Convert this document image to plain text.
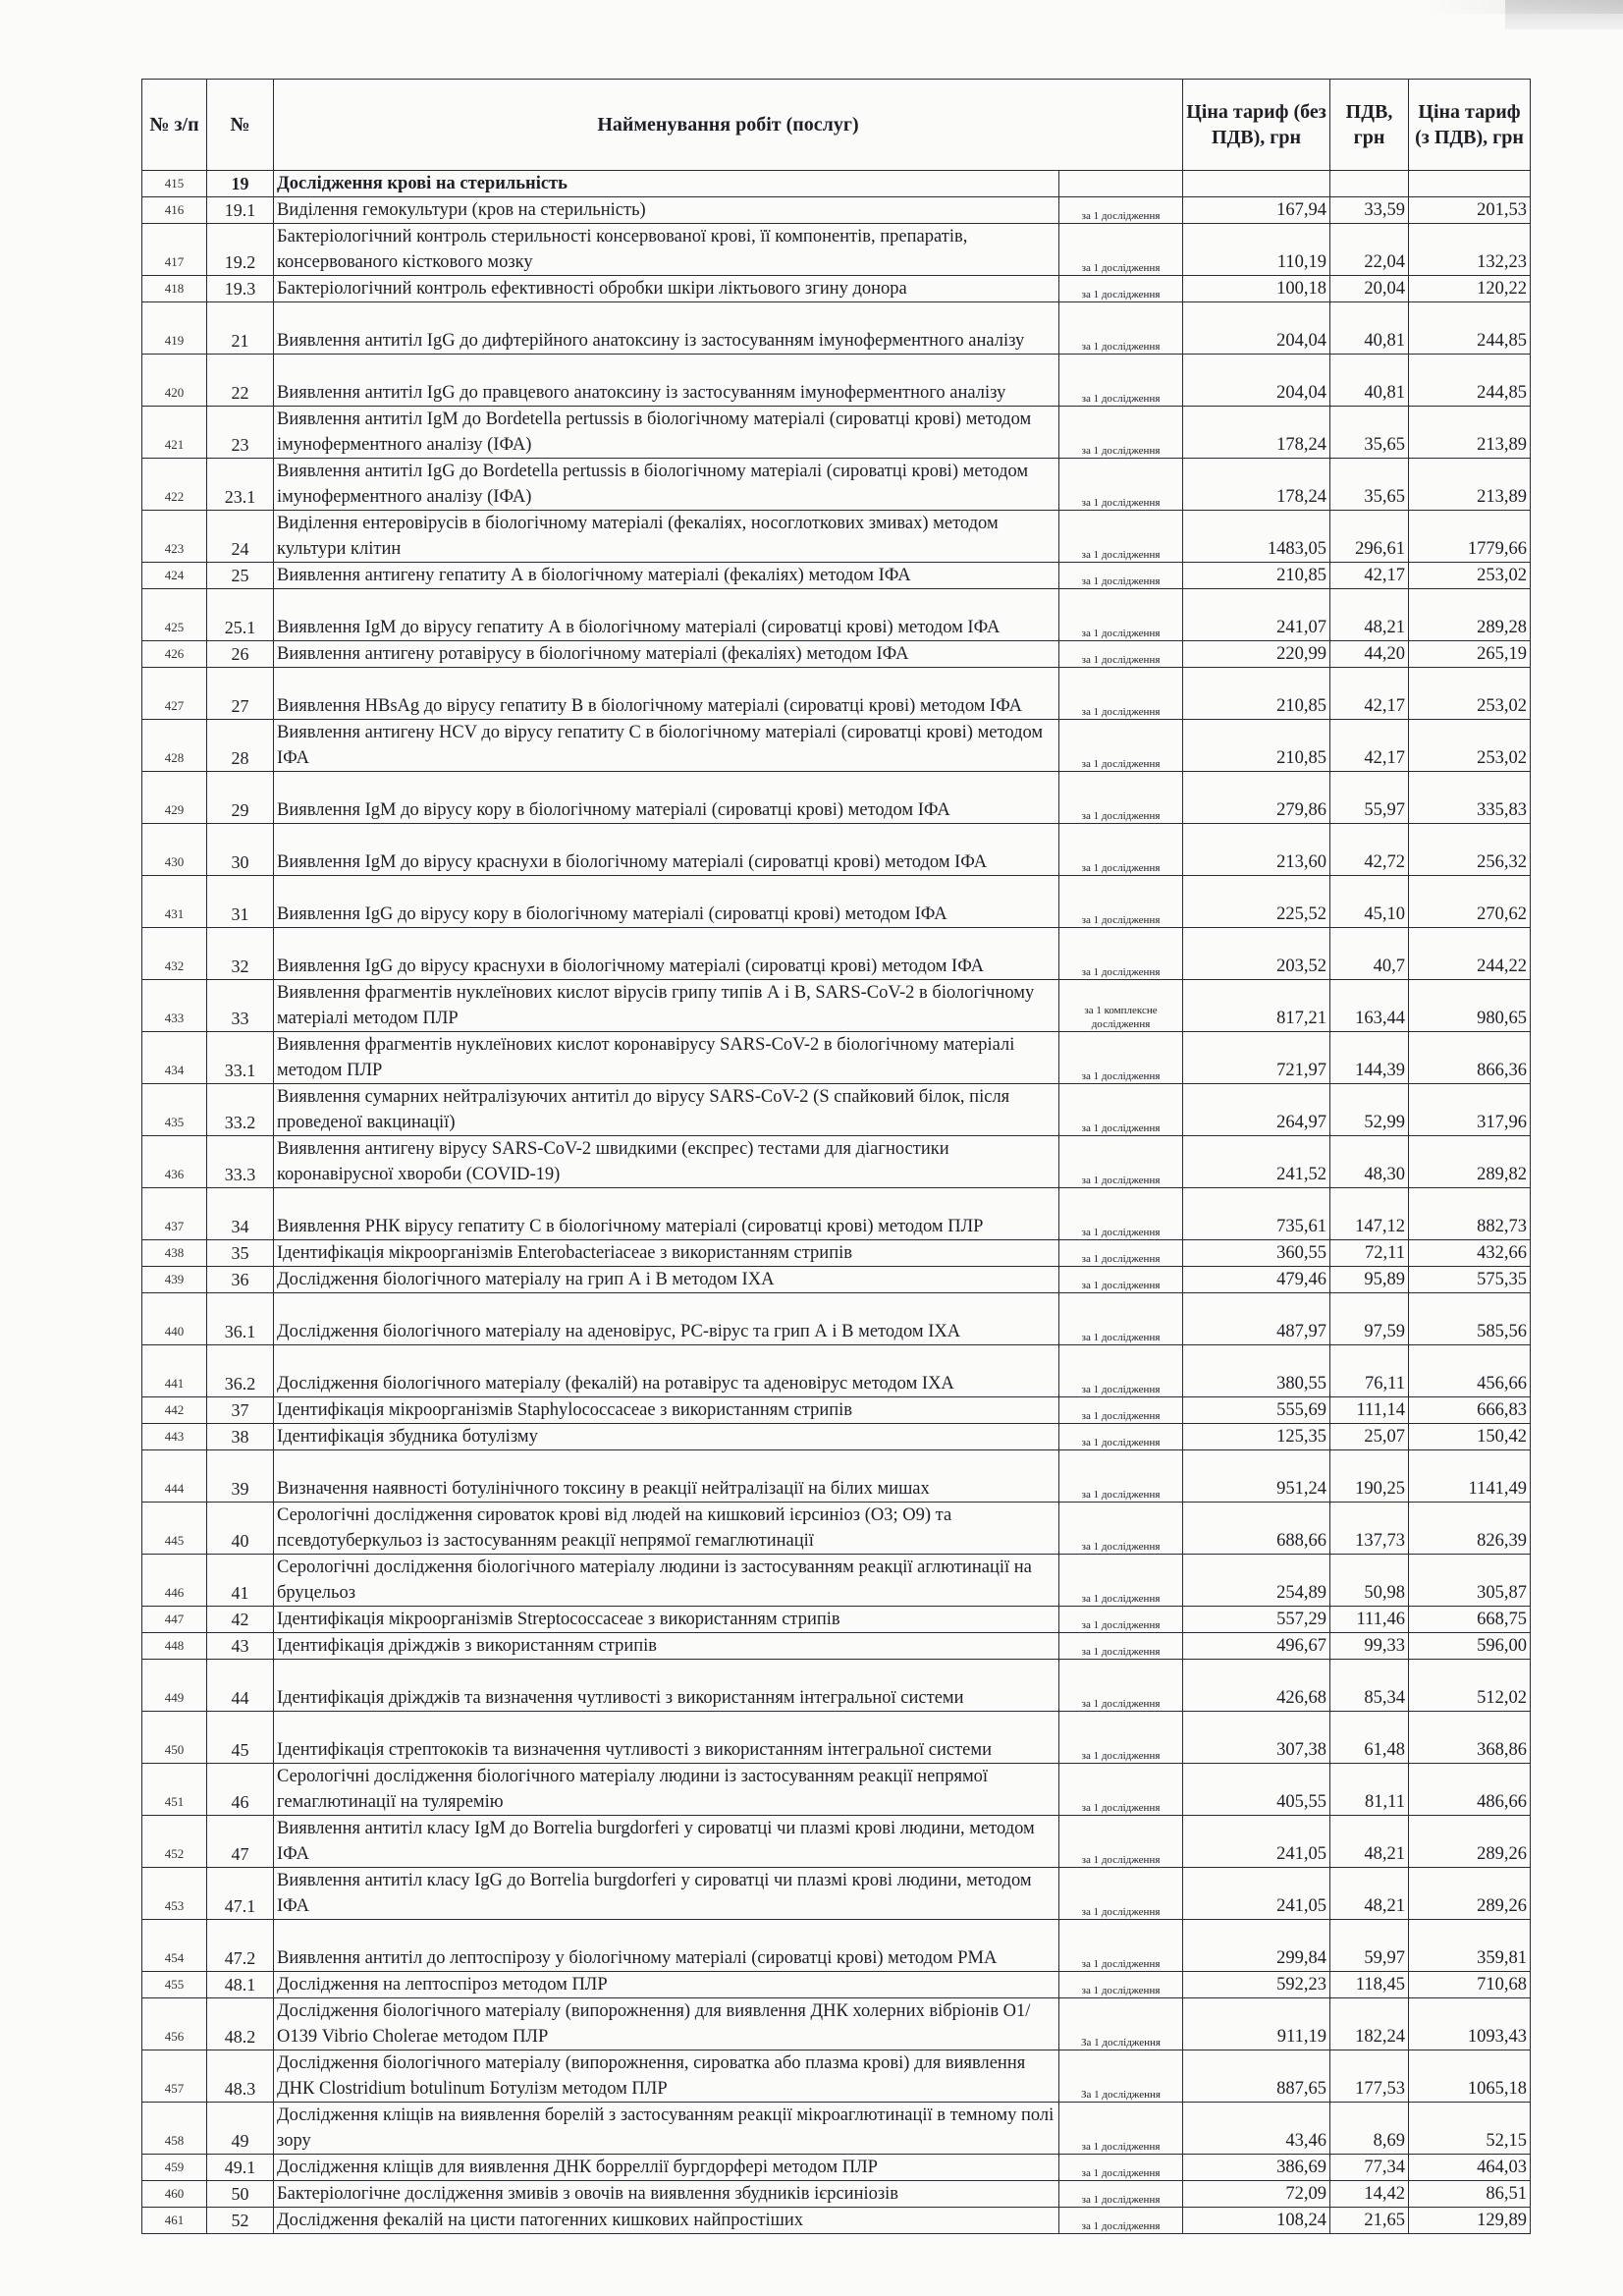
№ з/п	№	Найменування робіт (послуг)		Ціна тариф (без ПДВ), грн	ПДВ, грн	Ціна тариф (з ПДВ), грн
415	19	Дослідження крові на стерильність				
416	19.1	Виділення гемокультури (кров на стерильність)	за 1 дослідження	167,94	33,59	201,53
417	19.2	Бактеріологічний контроль стерильності консервованої крові, її компонентів, препаратів, консервованого кісткового мозку	за 1 дослідження	110,19	22,04	132,23
418	19.3	Бактеріологічний контроль ефективності обробки шкіри ліктьового згину донора	за 1 дослідження	100,18	20,04	120,22
419	21	Виявлення антитіл IgG до дифтерійного анатоксину із застосуванням імуноферментного аналізу	за 1 дослідження	204,04	40,81	244,85
420	22	Виявлення антитіл IgG до правцевого анатоксину із застосуванням імуноферментного аналізу	за 1 дослідження	204,04	40,81	244,85
421	23	Виявлення антитіл IgM до Bordetella pertussis в біологічному матеріалі (сироватці крові) методом імуноферментного аналізу (ІФА)	за 1 дослідження	178,24	35,65	213,89
422	23.1	Виявлення антитіл IgG до Bordetella pertussis в біологічному матеріалі (сироватці крові) методом імуноферментного аналізу (ІФА)	за 1 дослідження	178,24	35,65	213,89
423	24	Виділення ентеровірусів в біологічному матеріалі (фекаліях, носоглоткових змивах) методом культури клітин	за 1 дослідження	1483,05	296,61	1779,66
424	25	Виявлення антигену гепатиту А в біологічному матеріалі (фекаліях) методом ІФА	за 1 дослідження	210,85	42,17	253,02
425	25.1	Виявлення IgM до вірусу гепатиту А в біологічному матеріалі (сироватці крові) методом ІФА	за 1 дослідження	241,07	48,21	289,28
426	26	Виявлення антигену ротавірусу в біологічному матеріалі (фекаліях) методом ІФА	за 1 дослідження	220,99	44,20	265,19
427	27	Виявлення HBsAg до вірусу гепатиту В в біологічному матеріалі (сироватці крові) методом ІФА	за 1 дослідження	210,85	42,17	253,02
428	28	Виявлення антигену HCV до вірусу гепатиту С в біологічному матеріалі (сироватці крові) методом ІФА	за 1 дослідження	210,85	42,17	253,02
429	29	Виявлення IgM до вірусу кору в біологічному матеріалі (сироватці крові) методом ІФА	за 1 дослідження	279,86	55,97	335,83
430	30	Виявлення IgM до вірусу краснухи в біологічному матеріалі (сироватці крові) методом ІФА	за 1 дослідження	213,60	42,72	256,32
431	31	Виявлення IgG до вірусу кору в біологічному матеріалі (сироватці крові) методом ІФА	за 1 дослідження	225,52	45,10	270,62
432	32	Виявлення IgG до вірусу краснухи в біологічному матеріалі (сироватці крові) методом ІФА	за 1 дослідження	203,52	40,7	244,22
433	33	Виявлення фрагментів нуклеїнових кислот вірусів грипу типів А і В, SARS-CoV-2 в біологічному матеріалі методом ПЛР	за 1 комплексне дослідження	817,21	163,44	980,65
434	33.1	Виявлення фрагментів нуклеїнових кислот коронавірусу SARS-CoV-2 в біологічному матеріалі методом ПЛР	за 1 дослідження	721,97	144,39	866,36
435	33.2	Виявлення сумарних нейтралізуючих антитіл до вірусу SARS-CoV-2 (S спайковий білок, після проведеної вакцинації)	за 1 дослідження	264,97	52,99	317,96
436	33.3	Виявлення антигену вірусу SARS-CoV-2 швидкими (експрес) тестами для діагностики коронавірусної хвороби (COVID-19)	за 1 дослідження	241,52	48,30	289,82
437	34	Виявлення РНК вірусу гепатиту С в біологічному матеріалі (сироватці крові) методом ПЛР	за 1 дослідження	735,61	147,12	882,73
438	35	Ідентифікація мікроорганізмів Enterobacteriaceae з використанням стрипів	за 1 дослідження	360,55	72,11	432,66
439	36	Дослідження біологічного матеріалу на грип А і В методом ІХА	за 1 дослідження	479,46	95,89	575,35
440	36.1	Дослідження біологічного матеріалу на аденовірус, РС-вірус та грип А і В методом ІХА	за 1 дослідження	487,97	97,59	585,56
441	36.2	Дослідження біологічного матеріалу (фекалій) на ротавірус та аденовірус методом ІХА	за 1 дослідження	380,55	76,11	456,66
442	37	Ідентифікація мікроорганізмів Staphylocoссaceae з використанням стрипів	за 1 дослідження	555,69	111,14	666,83
443	38	Ідентифікація збудника ботулізму	за 1 дослідження	125,35	25,07	150,42
444	39	Визначення наявності ботулінічного токсину в реакції нейтралізації на білих мишах	за 1 дослідження	951,24	190,25	1141,49
445	40	Серологічні дослідження сироваток крові від людей на кишковий ієрсиніоз (О3; О9) та псевдотуберкульоз із застосуванням реакції непрямої гемаглютинації	за 1 дослідження	688,66	137,73	826,39
446	41	Серологічні дослідження біологічного матеріалу людини із застосуванням реакції аглютинації на бруцельоз	за 1 дослідження	254,89	50,98	305,87
447	42	Ідентифікація мікроорганізмів Streptococcaceae з використанням стрипів	за 1 дослідження	557,29	111,46	668,75
448	43	Ідентифікація дріжджів з використанням стрипів	за 1 дослідження	496,67	99,33	596,00
449	44	Ідентифікація дріжджів та визначення чутливості з використанням інтегральної системи	за 1 дослідження	426,68	85,34	512,02
450	45	Ідентифікація стрептококів та визначення чутливості з використанням інтегральної системи	за 1 дослідження	307,38	61,48	368,86
451	46	Серологічні дослідження біологічного матеріалу людини із застосуванням реакції непрямої гемаглютинації на туляремію	за 1 дослідження	405,55	81,11	486,66
452	47	Виявлення антитіл класу IgM до Borrelia burgdorferi у сироватці чи плазмі крові людини, методом ІФА	за 1 дослідження	241,05	48,21	289,26
453	47.1	Виявлення антитіл класу IgG до Borrelia burgdorferi у сироватці чи плазмі крові людини, методом ІФА	за 1 дослідження	241,05	48,21	289,26
454	47.2	Виявлення антитіл до лептоспірозу у біологічному матеріалі (сироватці крові) методом РМА	за 1 дослідження	299,84	59,97	359,81
455	48.1	Дослідження на лептоспіроз методом ПЛР	за 1 дослідження	592,23	118,45	710,68
456	48.2	Дослідження біологічного матеріалу (випорожнення) для виявлення ДНК холерних вібріонів О1/О139 Vibrio Cholerae методом ПЛР	За 1 дослідження	911,19	182,24	1093,43
457	48.3	Дослідження біологічного матеріалу (випорожнення, сироватка або плазма крові) для виявлення ДНК Clostridium botulinum Ботулізм методом ПЛР	За 1 дослідження	887,65	177,53	1065,18
458	49	Дослідження кліщів на виявлення борелій з застосуванням реакції мікроаглютинації в темному полі зору	за 1 дослідження	43,46	8,69	52,15
459	49.1	Дослідження кліщів для виявлення ДНК борреллії бургдорфері методом ПЛР	за 1 дослідження	386,69	77,34	464,03
460	50	Бактеріологічне дослідження змивів з овочів на виявлення збудників ієрсиніозів	за 1 дослідження	72,09	14,42	86,51
461	52	Дослідження фекалій на цисти патогенних кишкових найпростіших	за 1 дослідження	108,24	21,65	129,89
